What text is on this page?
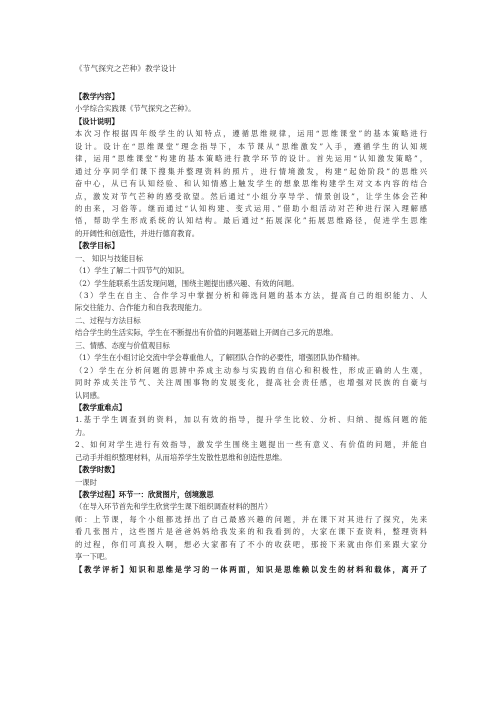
《节气探究之芒种》教学设计
【教学内容】
小学综合实践课《节气探究之芒种》。
【设计说明】
本次习作根据四年级学生的认知特点，遵循思维规律，运用“思维课堂”的基本策略进行
设计。设计在“思维课堂”理念指导下，本节课从“思维激发”入手，遵循学生的认知规
律，运用“思维课堂”构建的基本策略进行教学环节的设计。首先运用“认知激发策略”，
通过分享同学们课下搜集并整理资料的照片，进行情境激发，构建“起始阶段”的思维兴
奋中心，从已有认知经验、和认知情感上触发学生的想象思维构建学生对文本内容的结合
点，激发对节气芒种的感受欲望。然后通过“小组分享导学、情景创设”，让学生体会芒种
的由来，习俗等。继而通过“认知构建、变式运用、”借助小组活动对芒种进行深入理解感
悟，帮助学生形成系统的认知结构。最后通过“拓展深化”拓展思维路径，促进学生思维
的开阔性和创造性，并进行德育教育。
【教学目标】
一、 知识与技能目标
（1）学生了解二十四节气的知识。
（2）学生能联系生活发现问题，围绕主题提出感兴趣、有效的问题。
（3）学生在自主、合作学习中掌握分析和筛选问题的基本方法，提高自己的组织能力、人
际交往能力、合作能力和自我表现能力。
二、过程与方法目标
结合学生的生活实际，学生在不断提出有价值的问题基础上开阔自己多元的思维。
三、情感、态度与价值观目标
（1）学生在小组讨论交流中学会尊重他人，了解团队合作的必要性，增强团队协作精神。
（2）学生在分析问题的思辨中养成主动参与实践的自信心和积极性，形成正确的人生观，
同时养成关注节气、关注周围事物的发展变化，提高社会责任感，也增强对民族的自豪与
认同感。
【教学重难点】
1.基于学生调查到的资料，加以有效的指导，提升学生比较、分析、归纳、提炼问题的能
力。
2、如何对学生进行有效指导，激发学生围绕主题提出一些有意义、有价值的问题，并能自
己动手并组织整理材料，从而培养学生发散性思维和创造性思维。
【教学时数】
一课时
【教学过程】环节一：欣赏图片，创境激思
（在导入环节首先和学生欣赏学生课下组织调查材料的图片）
师：上节课，每个小组都选择出了自己最感兴趣的问题，并在课下对其进行了探究，先来
看几张图片，这些图片是爸爸妈妈给我发来的和我看到的，大家在课下查资料，整理资料
的过程，你们可真投入啊，想必大家都有了不小的收获吧，那接下来就由你们来跟大家分
享一下吧。
【教学评析】知识和思维是学习的一体两面，知识是思维赖以发生的材料和载体，离开了
